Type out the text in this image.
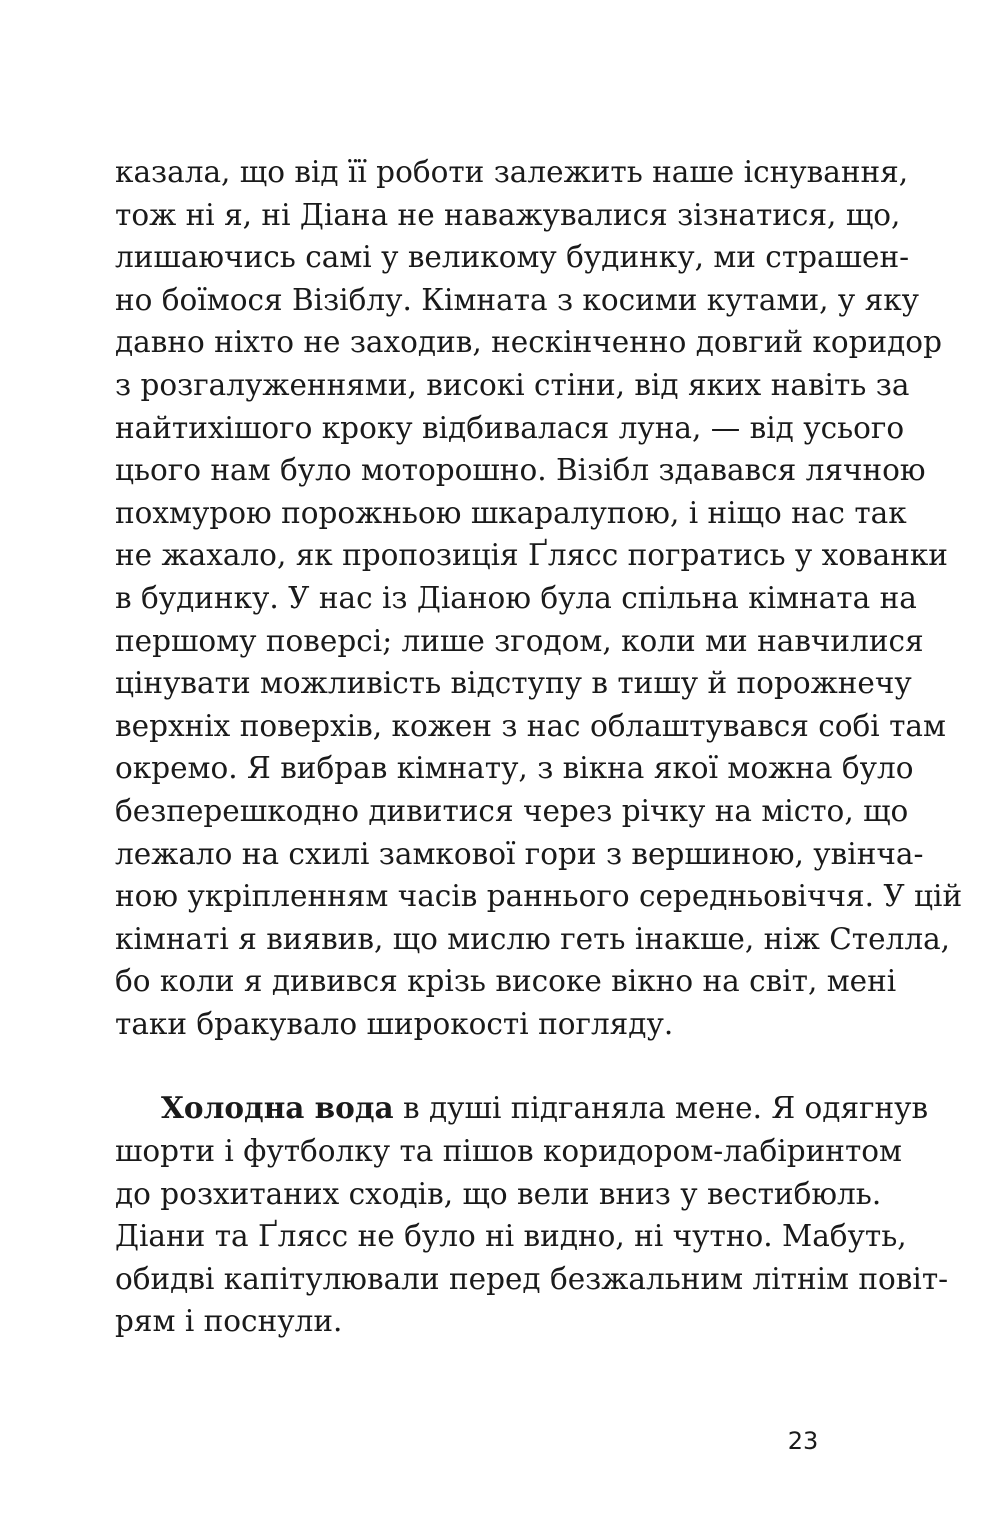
казала, що від її роботи залежить наше існування,
тож ні я, ні Діана не наважувалися зізнатися, що,
лишаючись самі у великому будинку, ми страшен-
но боїмося Візіблу. Кімната з косими кутами, у яку
давно ніхто не заходив, нескінченно довгий коридор
з розгалуженнями, високі стіни, від яких навіть за
найтихішого кроку відбивалася луна, — від усього
цього нам було моторошно. Візібл здавався лячною
похмурою порожньою шкаралупою, і ніщо нас так
не жахало, як пропозиція Ґлясс погратись у хованки
в будинку. У нас із Діаною була спільна кімната на
першому поверсі; лише згодом, коли ми навчилися
цінувати можливість відступу в тишу й порожнечу
верхніх поверхів, кожен з нас облаштувався собі там
окремо. Я вибрав кімнату, з вікна якої можна було
безперешкодно дивитися через річку на місто, що
лежало на схилі замкової гори з вершиною, увінча-
ною укріпленням часів раннього середньовіччя. У цій
кімнаті я виявив, що мислю геть інакше, ніж Стелла,
бо коли я дивився крізь високе вікно на світ, мені
таки бракувало широкості погляду.
Холодна вода в душі підганяла мене. Я одягнув
шорти і футболку та пішов коридором-лабіринтом
до розхитаних сходів, що вели вниз у вестибюль.
Діани та Ґлясс не було ні видно, ні чутно. Мабуть,
обидві капітулювали перед безжальним літнім повіт-
рям і поснули.
23
